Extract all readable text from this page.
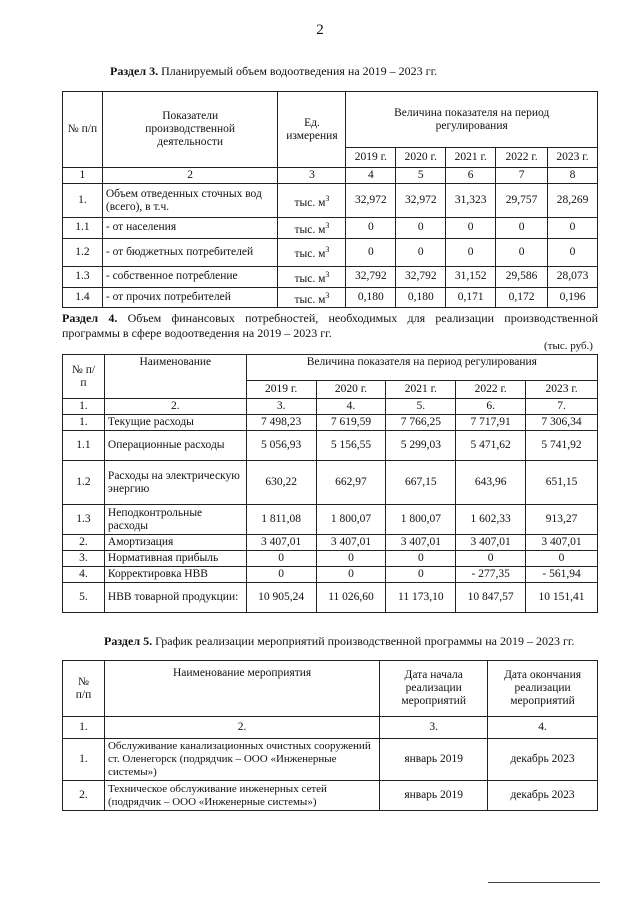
2
Раздел 3. Планируемый объем водоотведения на 2019 – 2023 гг.
№ п/п	Показатели производственной деятельности	Ед. измерения	Величина показателя на период регулирования				
			2019 г.	2020 г.	2021 г.	2022 г.	2023 г.
1	2	3	4	5	6	7	8
1.	Объем отведенных сточных вод (всего), в т.ч.	тыс. $м^3$	32,972	32,972	31,323	29,757	28,269
1.1	- от населения	тыс. $м^3$	0	0	0	0	0
1.2	- от бюджетных потребителей	тыс. $м^3$	0	0	0	0	0
1.3	- собственное потребление	тыс. $м^3$	32,792	32,792	31,152	29,586	28,073
1.4	- от прочих потребителей	тыс. $м^3$	0,180	0,180	0,171	0,172	0,196
Раздел 4. Объем финансовых потребностей, необходимых для реализации производственной программы в сфере водоотведения на 2019 – 2023 гг.
(тыс. руб.)
№ п/п	Наименование	Величина показателя на период регулирования				
		2019 г.	2020 г.	2021 г.	2022 г.	2023 г.
1.	2.	3.	4.	5.	6.	7.
1.	Текущие расходы	7 498,23	7 619,59	7 766,25	7 717,91	7 306,34
1.1	Операционные расходы	5 056,93	5 156,55	5 299,03	5 471,62	5 741,92
1.2	Расходы на электрическую энергию	630,22	662,97	667,15	643,96	651,15
1.3	Неподконтрольные расходы	1 811,08	1 800,07	1 800,07	1 602,33	913,27
2.	Амортизация	3 407,01	3 407,01	3 407,01	3 407,01	3 407,01
3.	Нормативная прибыль	0	0	0	0	0
4.	Корректировка НВВ	0	0	0	- 277,35	- 561,94
5.	НВВ товарной продукции:	10 905,24	11 026,60	11 173,10	10 847,57	10 151,41
Раздел 5. График реализации мероприятий производственной программы на 2019 – 2023 гг.
№ п/п	Наименование мероприятия	Дата начала реализации мероприятий	Дата окончания реализации мероприятий
1.	2.	3.	4.
1.	Обслуживание канализационных очистных сооружений ст. Оленегорск (подрядчик – ООО «Инженерные системы»)	январь 2019	декабрь 2023
2.	Техническое обслуживание инженерных сетей (подрядчик – ООО «Инженерные системы»)	январь 2019	декабрь 2023
